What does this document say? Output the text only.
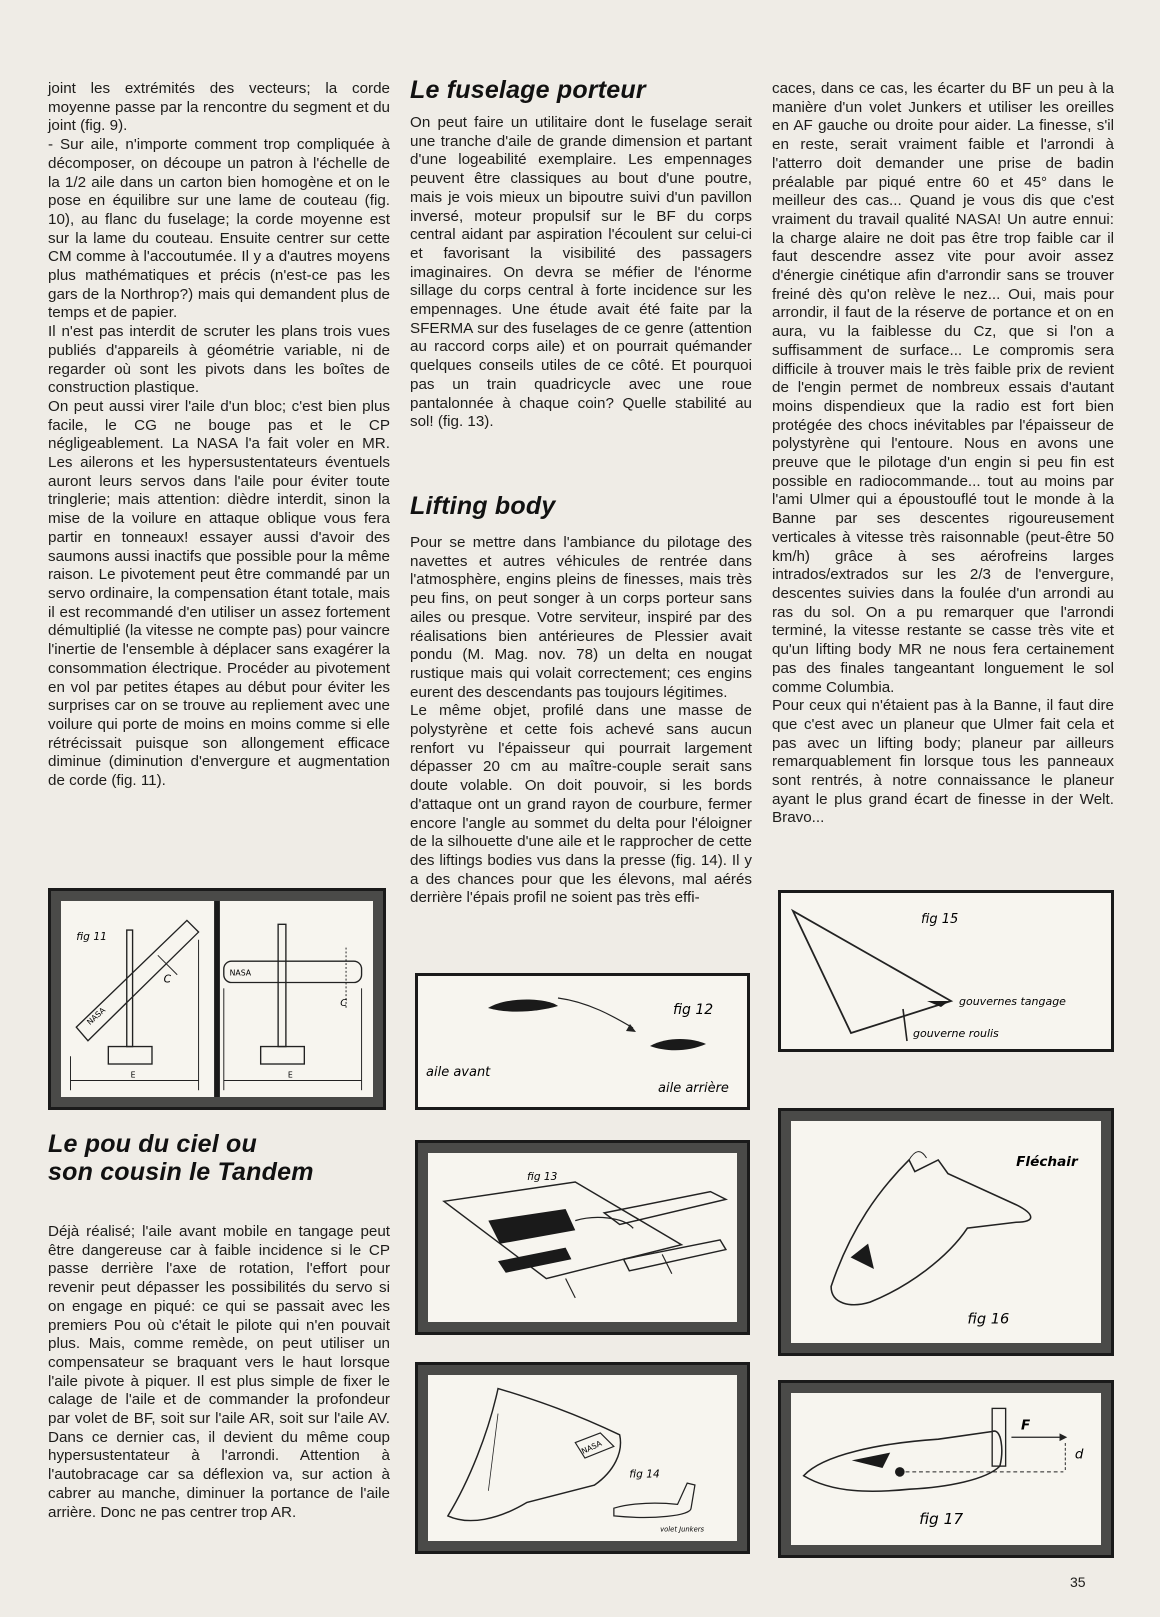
joint les extrémités des vecteurs; la corde moyenne passe par la rencontre du segment et du joint (fig. 9).

- Sur aile, n'importe comment trop compliquée à décomposer, on découpe un patron à l'échelle de la 1/2 aile dans un carton bien homogène et on le pose en équilibre sur une lame de couteau (fig. 10), au flanc du fuselage; la corde moyenne est sur la lame du couteau. Ensuite centrer sur cette CM comme à l'accoutumée. Il y a d'autres moyens plus mathématiques et précis (n'est-ce pas les gars de la Northrop?) mais qui demandent plus de temps et de papier.

Il n'est pas interdit de scruter les plans trois vues publiés d'appareils à géométrie variable, ni de regarder où sont les pivots dans les boîtes de construction plastique.

On peut aussi virer l'aile d'un bloc; c'est bien plus facile, le CG ne bouge pas et le CP négligeablement. La NASA l'a fait voler en MR. Les ailerons et les hypersustentateurs éventuels auront leurs servos dans l'aile pour éviter toute tringlerie; mais attention: dièdre interdit, sinon la mise de la voilure en attaque oblique vous fera partir en tonneaux! essayer aussi d'avoir des saumons aussi inactifs que possible pour la même raison. Le pivotement peut être commandé par un servo ordinaire, la compensation étant totale, mais il est recommandé d'en utiliser un assez fortement démultiplié (la vitesse ne compte pas) pour vaincre l'inertie de l'ensemble à déplacer sans exagérer la consommation électrique. Procéder au pivotement en vol par petites étapes au début pour éviter les surprises car on se trouve au repliement avec une voilure qui porte de moins en moins comme si elle rétrécissait puisque son allongement efficace diminue (diminution d'envergure et augmentation de corde (fig. 11).

Le fuselage porteur

On peut faire un utilitaire dont le fuselage serait une tranche d'aile de grande dimension et partant d'une logeabilité exemplaire. Les empennages peuvent être classiques au bout d'une poutre, mais je vois mieux un bipoutre suivi d'un pavillon inversé, moteur propulsif sur le BF du corps central aidant par aspiration l'écoulent sur celui-ci et favorisant la visibilité des passagers imaginaires. On devra se méfier de l'énorme sillage du corps central à forte incidence sur les empennages. Une étude avait été faite par la SFERMA sur des fuselages de ce genre (attention au raccord corps aile) et on pourrait quémander quelques conseils utiles de ce côté. Et pourquoi pas un train quadricycle avec une roue pantalonnée à chaque coin? Quelle stabilité au sol! (fig. 13).

Lifting body

Pour se mettre dans l'ambiance du pilotage des navettes et autres véhicules de rentrée dans l'atmosphère, engins pleins de finesses, mais très peu fins, on peut songer à un corps porteur sans ailes ou presque. Votre serviteur, inspiré par des réalisations bien antérieures de Plessier avait pondu (M. Mag. nov. 78) un delta en nougat rustique mais qui volait correctement; ces engins eurent des descendants pas toujours légitimes.

Le même objet, profilé dans une masse de polystyrène et cette fois achevé sans aucun renfort vu l'épaisseur qui pourrait largement dépasser 20 cm au maître-couple serait sans doute volable. On doit pouvoir, si les bords d'attaque ont un grand rayon de courbure, fermer encore l'angle au sommet du delta pour l'éloigner de la silhouette d'une aile et le rapprocher de cette des liftings bodies vus dans la presse (fig. 14). Il y a des chances pour que les élevons, mal aérés derrière l'épais profil ne soient pas très effi-

caces, dans ce cas, les écarter du BF un peu à la manière d'un volet Junkers et utiliser les oreilles en AF gauche ou droite pour aider. La finesse, s'il en reste, serait vraiment faible et l'arrondi à l'atterro doit demander une prise de badin préalable par piqué entre 60 et 45° dans le meilleur des cas... Quand je vous dis que c'est vraiment du travail qualité NASA! Un autre ennui: la charge alaire ne doit pas être trop faible car il faut descendre assez vite pour avoir assez d'énergie cinétique afin d'arrondir sans se trouver freiné dès qu'on relève le nez... Oui, mais pour arrondir, il faut de la réserve de portance et on en aura, vu la faiblesse du Cz, que si l'on a suffisamment de surface... Le compromis sera difficile à trouver mais le très faible prix de revient de l'engin permet de nombreux essais d'autant moins dispendieux que la radio est fort bien protégée des chocs inévitables par l'épaisseur de polystyrène qui l'entoure. Nous en avons une preuve que le pilotage d'un engin si peu fin est possible en radiocommande... tout au moins par l'ami Ulmer qui a époustouflé tout le monde à la Banne par ses descentes rigoureusement verticales à vitesse très raisonnable (peut-être 50 km/h) grâce à ses aérofreins larges intrados/extrados sur les 2/3 de l'envergure, descentes suivies dans la foulée d'un arrondi au ras du sol. On a pu remarquer que l'arrondi terminé, la vitesse restante se casse très vite et qu'un lifting body MR ne nous fera certainement pas des finales tangeantant longuement le sol comme Columbia.

Pour ceux qui n'étaient pas à la Banne, il faut dire que c'est avec un planeur que Ulmer fait cela et pas avec un lifting body; planeur par ailleurs remarquablement fin lorsque tous les panneaux sont rentrés, à notre connaissance le planeur ayant le plus grand écart de finesse in der Welt. Bravo...

Le pou du ciel ou
son cousin le Tandem

Déjà réalisé; l'aile avant mobile en tangage peut être dangereuse car à faible incidence si le CP passe derrière l'axe de rotation, l'effort pour revenir peut dépasser les possibilités du servo si on engage en piqué: ce qui se passait avec les premiers Pou où c'était le pilote qui n'en pouvait plus. Mais, comme remède, on peut utiliser un compensateur se braquant vers le haut lorsque l'aile pivote à piquer. Il est plus simple de fixer le calage de l'aile et de commander la profondeur par volet de BF, soit sur l'aile AR, soit sur l'aile AV. Dans ce dernier cas, il devient du même coup hypersustentateur à l'arrondi. Attention à l'autobracage car sa déflexion va, sur action à cabrer au manche, diminuer la portance de l'aile arrière. Donc ne pas centrer trop AR.

fig 11
NASA
C
E
NASA
C
E
fig 12
aile avant
aile arrière
fig 13
NASA
fig 14
volet Junkers
fig 15
gouvernes tangage
gouverne roulis
Fléchair
fig 16
F
d
fig 17
35
